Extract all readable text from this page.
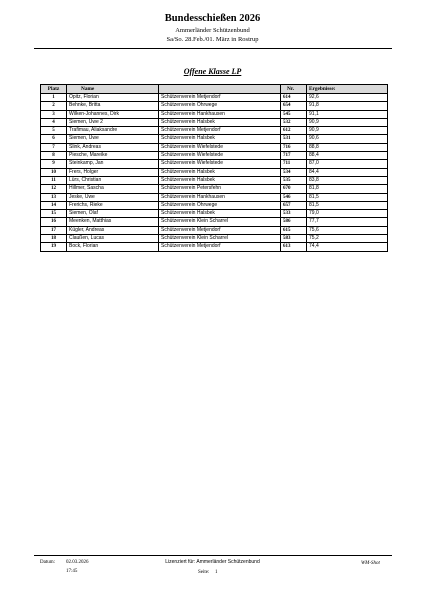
Bundesschießen 2026
Ammerländer Schützenbund
Sa/So. 28.Feb./01. März in Rostrup
Offene Klasse LP
Platz	Name		Nr.	Ergebnisse:
1	Opitz, Florian	Schützenverein Metjendorf	614	92,6
2	Behnke, Britta	Schützenverein Ohrwege	654	91,8
3	Wilken-Johannes, Dirk	Schützenverein Hankhausen	545	91,1
4	Siemen, Uwe 2	Schützenverein Halsbek	532	90,9
5	Trafimau, Aliaksandre	Schützenverein Metjendorf	612	90,9
6	Siemen, Uwe	Schützenverein Halsbek	531	90,6
7	Slink, Andreas	Schützenverein Wiefelstede	716	88,8
8	Piesche, Mareike	Schützenverein Wiefelstede	717	88,4
9	Steinkamp, Jan	Schützenverein Wiefelstede	711	87,0
10	Frers, Holger	Schützenverein Halsbek	534	84,4
11	Lürs, Christian	Schützenverein Halsbek	535	83,8
12	Hillmer, Sascha	Schützenverein Petersfehn	670	81,8
13	Jeske, Uwe	Schützenverein Hankhausen	546	81,5
14	Frerichs, Rieke	Schützenverein Ohrwege	657	81,5
15	Siemen, Olaf	Schützenverein Halsbek	533	79,0
16	Meenken, Matthias	Schützenverein Klein Scharrel	586	77,7
17	Kügler, Andreas	Schützenverein Metjendorf	615	75,6
18	Claußen, Lucas	Schützenverein Klein Scharrel	583	75,2
19	Bock, Florian	Schützenverein Metjendorf	613	74,4
Datum: 02.03.2026
17:45
Lizenziert für: Ammerländer Schützenbund
Seite: 1
WM-Shot
